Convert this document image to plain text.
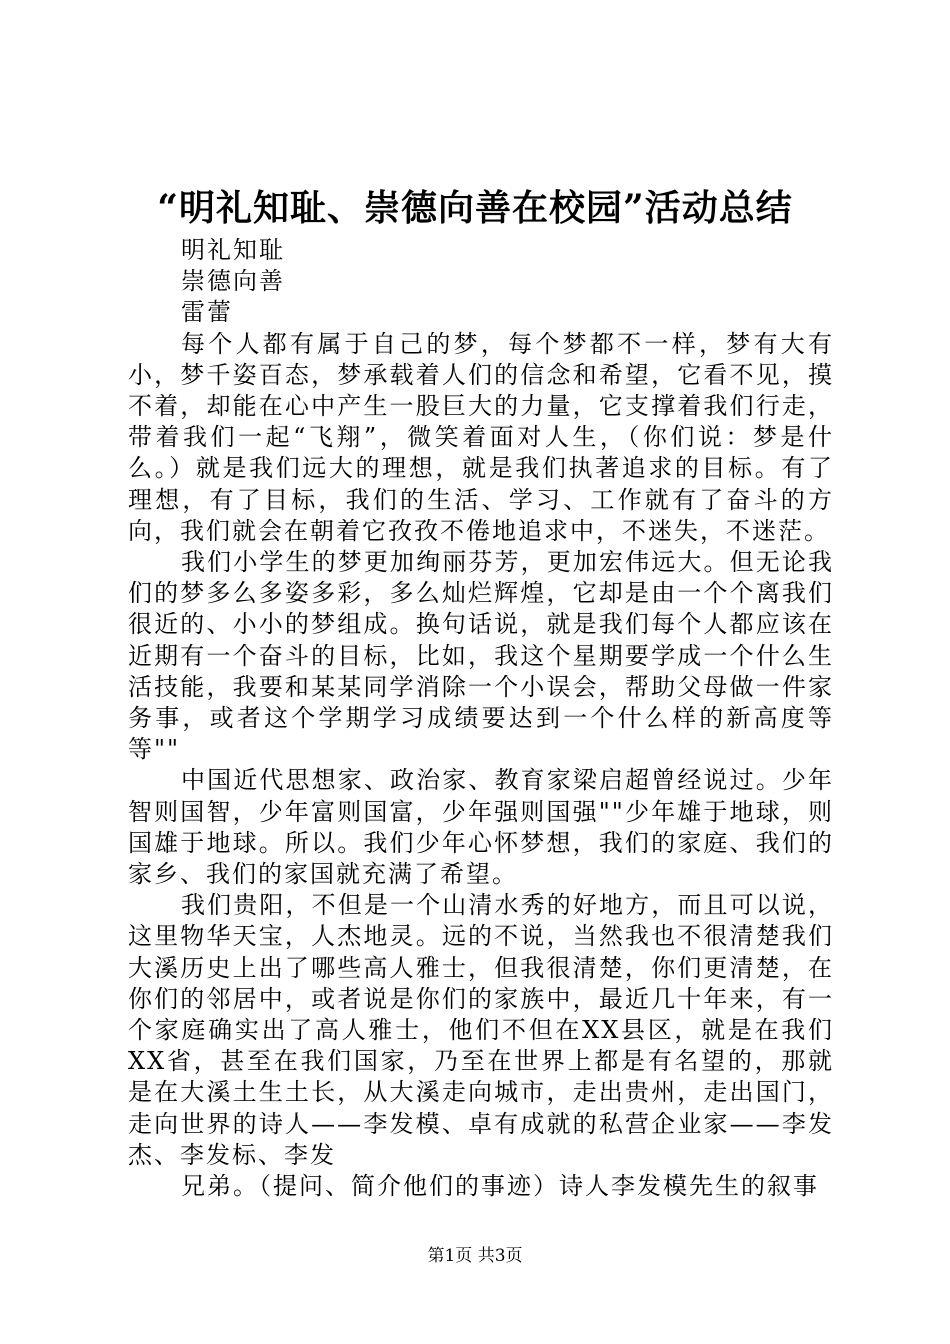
“明礼知耻、崇德向善在校园”活动总结

明礼知耻

崇德向善

雷蕾

每个人都有属于自己的梦，每个梦都不一样，梦有大有小，梦千姿百态，梦承载着人们的信念和希望，它看不见，摸不着，却能在心中产生一股巨大的力量，它支撑着我们行走，带着我们一起“飞翔”，微笑着面对人生，（你们说：梦是什么。）就是我们远大的理想，就是我们执著追求的目标。有了理想，有了目标，我们的生活、学习、工作就有了奋斗的方向，我们就会在朝着它孜孜不倦地追求中，不迷失，不迷茫。

我们小学生的梦更加绚丽芬芳，更加宏伟远大。但无论我们的梦多么多姿多彩，多么灿烂辉煌，它却是由一个个离我们很近的、小小的梦组成。换句话说，就是我们每个人都应该在近期有一个奋斗的目标，比如，我这个星期要学成一个什么生活技能，我要和某某同学消除一个小误会，帮助父母做一件家务事，或者这个学期学习成绩要达到一个什么样的新高度等等""

中国近代思想家、政治家、教育家梁启超曾经说过。少年智则国智，少年富则国富，少年强则国强""少年雄于地球，则国雄于地球。所以。我们少年心怀梦想，我们的家庭、我们的家乡、我们的家国就充满了希望。

我们贵阳，不但是一个山清水秀的好地方，而且可以说，这里物华天宝，人杰地灵。远的不说，当然我也不很清楚我们大溪历史上出了哪些高人雅士，但我很清楚，你们更清楚，在你们的邻居中，或者说是你们的家族中，最近几十年来，有一个家庭确实出了高人雅士，他们不但在XX县区，就是在我们XX省，甚至在我们国家，乃至在世界上都是有名望的，那就是在大溪土生土长，从大溪走向城市，走出贵州，走出国门，走向世界的诗人——李发模、卓有成就的私营企业家——李发杰、李发标、李发

兄弟。（提问、简介他们的事迹）诗人李发模先生的叙事

第1页 共3页
